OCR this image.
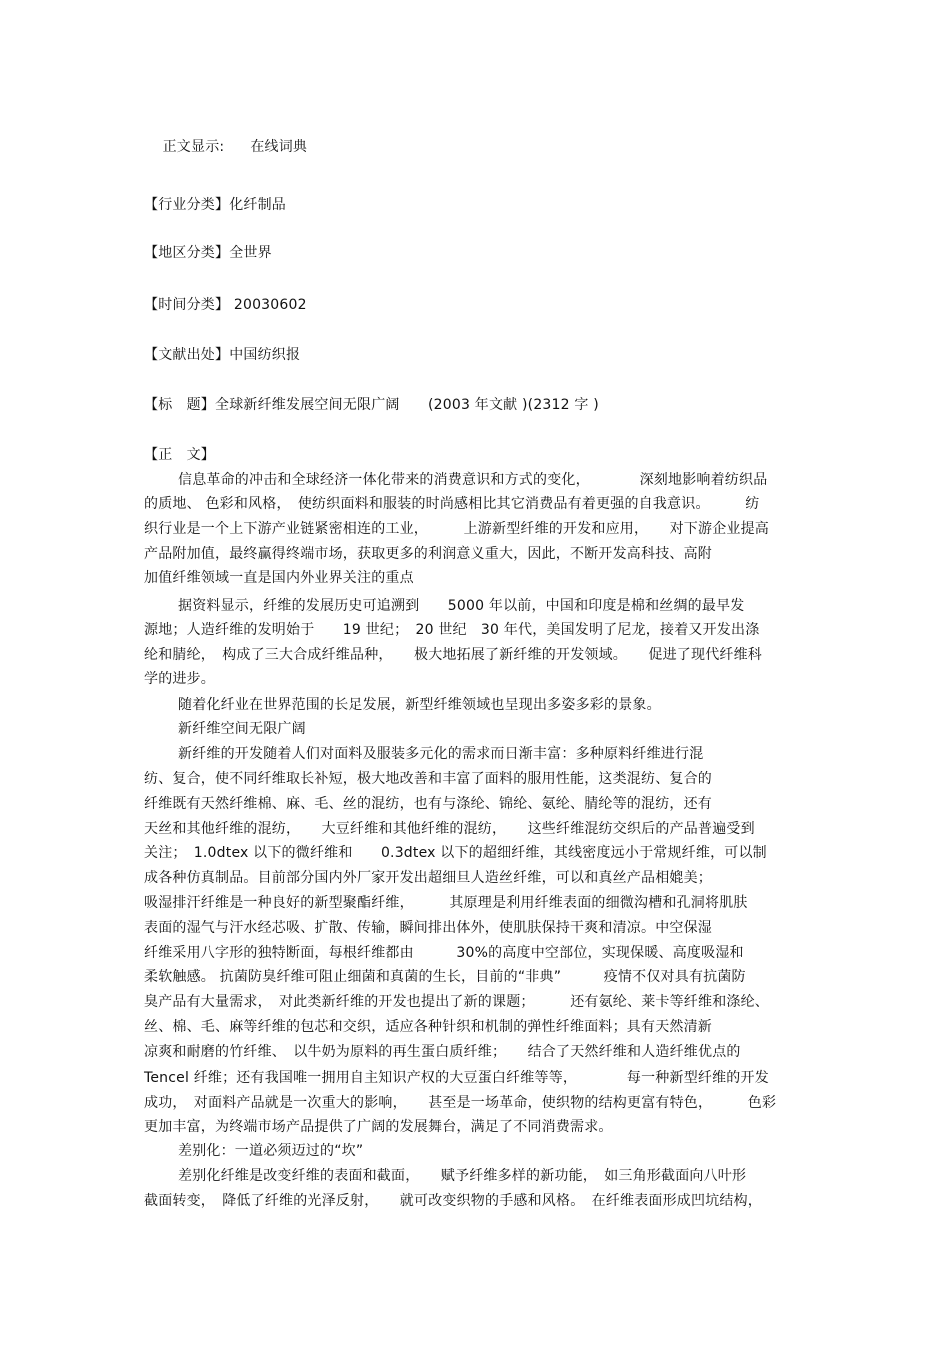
正文显示: 在线词典

【行业分类】化纤制品
【地区分类】全世界
【时间分类】 20030602
【文献出处】中国纺织报
【标　题】全球新纤维发展空间无限广阔　　(2003 年文献 )(2312 字 )
【正　文】
信息革命的冲击和全球经济一体化带来的消费意识和方式的变化，　　　　深刻地影响着纺织品
的质地、 色彩和风格，　使纺织面料和服装的时尚感相比其它消费品有着更强的自我意识。　　　纺
织行业是一个上下游产业链紧密相连的工业，　　　上游新型纤维的开发和应用，　　对下游企业提高
产品附加值，最终赢得终端市场，获取更多的利润意义重大，因此，不断开发高科技、高附
加值纤维领域一直是国内外业界关注的重点
据资料显示，纤维的发展历史可追溯到　　5000 年以前，中国和印度是棉和丝绸的最早发
源地；人造纤维的发明始于　　19 世纪；　20 世纪　30 年代，美国发明了尼龙，接着又开发出涤
纶和腈纶，　构成了三大合成纤维品种，　　极大地拓展了新纤维的开发领域。　　促进了现代纤维科
学的进步。
随着化纤业在世界范围的长足发展，新型纤维领域也呈现出多姿多彩的景象。
新纤维空间无限广阔
新纤维的开发随着人们对面料及服装多元化的需求而日渐丰富：多种原料纤维进行混
纺、复合，使不同纤维取长补短，极大地改善和丰富了面料的服用性能，这类混纺、复合的
纤维既有天然纤维棉、麻、毛、丝的混纺，也有与涤纶、锦纶、氨纶、腈纶等的混纺，还有
天丝和其他纤维的混纺，　　大豆纤维和其他纤维的混纺，　　这些纤维混纺交织后的产品普遍受到
关注；　1.0dtex 以下的微纤维和　　0.3dtex 以下的超细纤维，其线密度远小于常规纤维，可以制
成各种仿真制品。目前部分国内外厂家开发出超细旦人造丝纤维，可以和真丝产品相媲美；
吸湿排汗纤维是一种良好的新型聚酯纤维，　　　其原理是利用纤维表面的细微沟槽和孔洞将肌肤
表面的湿气与汗水经芯吸、扩散、传输，瞬间排出体外，使肌肤保持干爽和清凉。中空保湿
纤维采用八字形的独特断面，每根纤维都由　　　30%的高度中空部位，实现保暖、高度吸湿和
柔软触感。 抗菌防臭纤维可阻止细菌和真菌的生长，目前的“非典”　　　疫情不仅对具有抗菌防
臭产品有大量需求，　对此类新纤维的开发也提出了新的课题；　　　还有氨纶、莱卡等纤维和涤纶、
丝、棉、毛、麻等纤维的包芯和交织，适应各种针织和机制的弹性纤维面料；具有天然清新
凉爽和耐磨的竹纤维、　以牛奶为原料的再生蛋白质纤维；　　结合了天然纤维和人造纤维优点的
Tencel 纤维；还有我国唯一拥用自主知识产权的大豆蛋白纤维等等，　　　　每一种新型纤维的开发
成功，　对面料产品就是一次重大的影响，　　甚至是一场革命，使织物的结构更富有特色，　　　色彩
更加丰富，为终端市场产品提供了广阔的发展舞台，满足了不同消费需求。
差别化：一道必须迈过的“坎”
差别化纤维是改变纤维的表面和截面，　　赋予纤维多样的新功能，　如三角形截面向八叶形
截面转变，　降低了纤维的光泽反射，　　就可改变织物的手感和风格。　在纤维表面形成凹坑结构，
